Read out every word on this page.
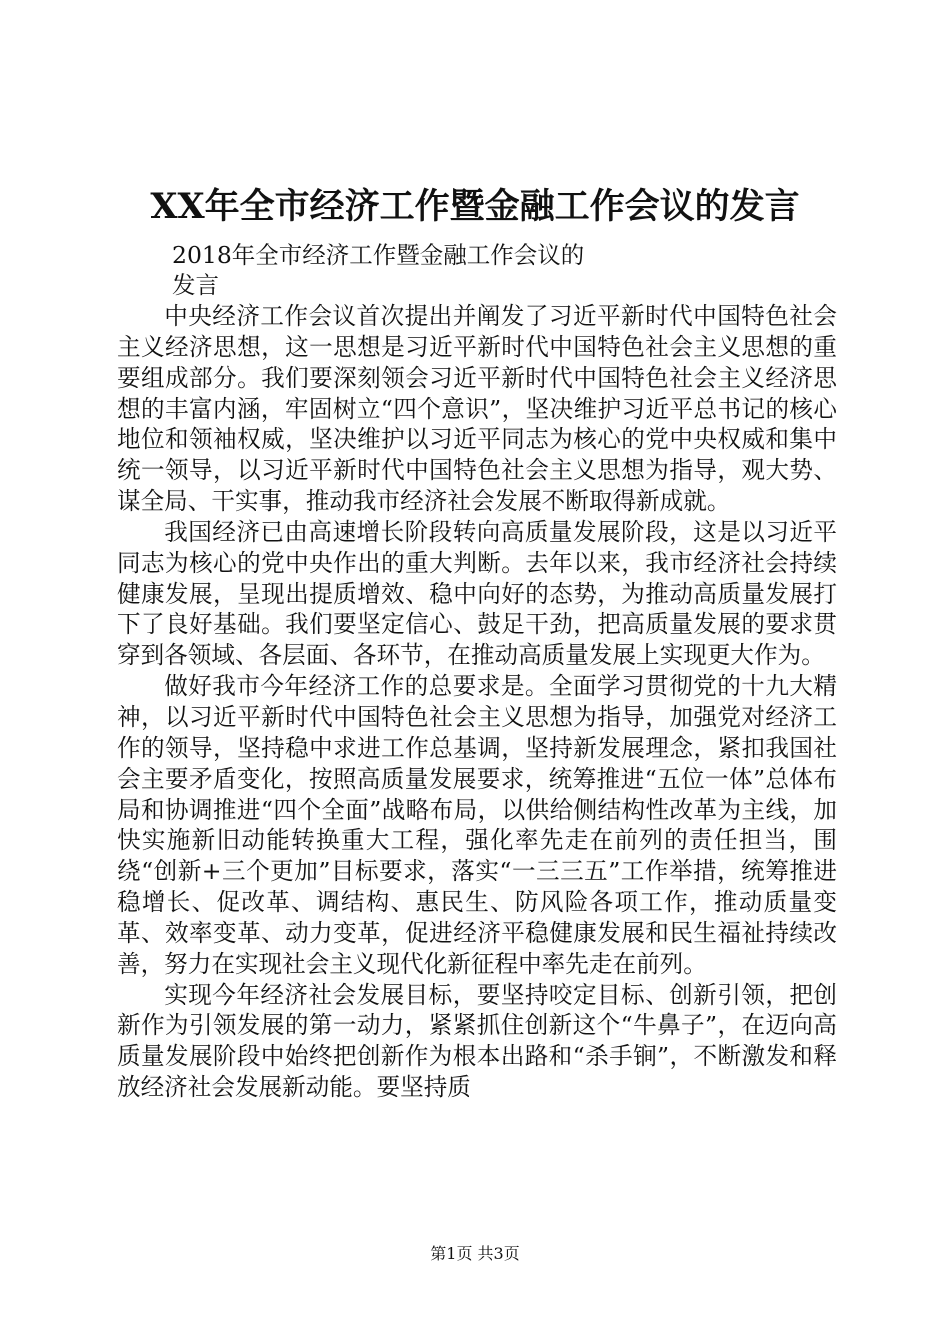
XX年全市经济工作暨金融工作会议的发言
2018年全市经济工作暨金融工作会议的
发言

中央经济工作会议首次提出并阐发了习近平新时代中国特色社会主义经济思想，这一思想是习近平新时代中国特色社会主义思想的重要组成部分。我们要深刻领会习近平新时代中国特色社会主义经济思想的丰富内涵，牢固树立“四个意识”，坚决维护习近平总书记的核心地位和领袖权威，坚决维护以习近平同志为核心的党中央权威和集中统一领导，以习近平新时代中国特色社会主义思想为指导，观大势、谋全局、干实事，推动我市经济社会发展不断取得新成就。

我国经济已由高速增长阶段转向高质量发展阶段，这是以习近平同志为核心的党中央作出的重大判断。去年以来，我市经济社会持续健康发展，呈现出提质增效、稳中向好的态势，为推动高质量发展打下了良好基础。我们要坚定信心、鼓足干劲，把高质量发展的要求贯穿到各领域、各层面、各环节，在推动高质量发展上实现更大作为。

做好我市今年经济工作的总要求是。全面学习贯彻党的十九大精神，以习近平新时代中国特色社会主义思想为指导，加强党对经济工作的领导，坚持稳中求进工作总基调，坚持新发展理念，紧扣我国社会主要矛盾变化，按照高质量发展要求，统筹推进“五位一体”总体布局和协调推进“四个全面”战略布局，以供给侧结构性改革为主线，加快实施新旧动能转换重大工程，强化率先走在前列的责任担当，围绕“创新+三个更加”目标要求，落实“一三三五”工作举措，统筹推进稳增长、促改革、调结构、惠民生、防风险各项工作，推动质量变革、效率变革、动力变革，促进经济平稳健康发展和民生福祉持续改善，努力在实现社会主义现代化新征程中率先走在前列。

实现今年经济社会发展目标，要坚持咬定目标、创新引领，把创新作为引领发展的第一动力，紧紧抓住创新这个“牛鼻子”，在迈向高质量发展阶段中始终把创新作为根本出路和“杀手锏”，不断激发和释放经济社会发展新动能。要坚持质

第1页 共3页
